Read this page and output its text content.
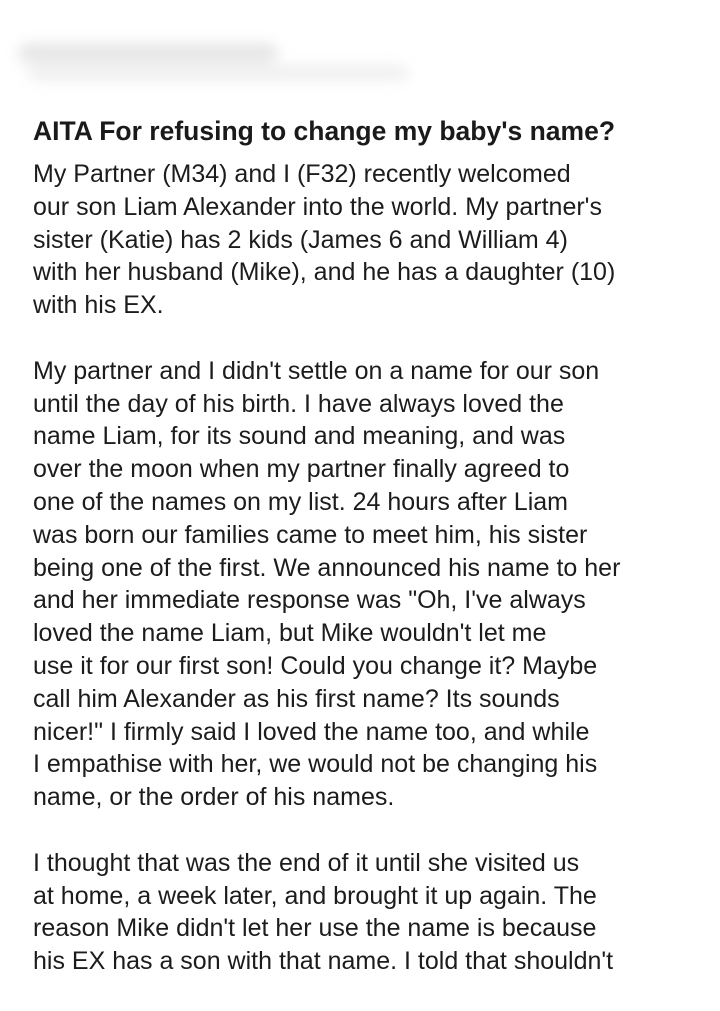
AITA For refusing to change my baby's name?

My Partner (M34) and I (F32) recently welcomed
our son Liam Alexander into the world. My partner's
sister (Katie) has 2 kids (James 6 and William 4)
with her husband (Mike), and he has a daughter (10)
with his EX.

My partner and I didn't settle on a name for our son
until the day of his birth. I have always loved the
name Liam, for its sound and meaning, and was
over the moon when my partner finally agreed to
one of the names on my list. 24 hours after Liam
was born our families came to meet him, his sister
being one of the first. We announced his name to her
and her immediate response was "Oh, I've always
loved the name Liam, but Mike wouldn't let me
use it for our first son! Could you change it? Maybe
call him Alexander as his first name? Its sounds
nicer!" I firmly said I loved the name too, and while
I empathise with her, we would not be changing his
name, or the order of his names.

I thought that was the end of it until she visited us
at home, a week later, and brought it up again. The
reason Mike didn't let her use the name is because
his EX has a son with that name. I told that shouldn't
